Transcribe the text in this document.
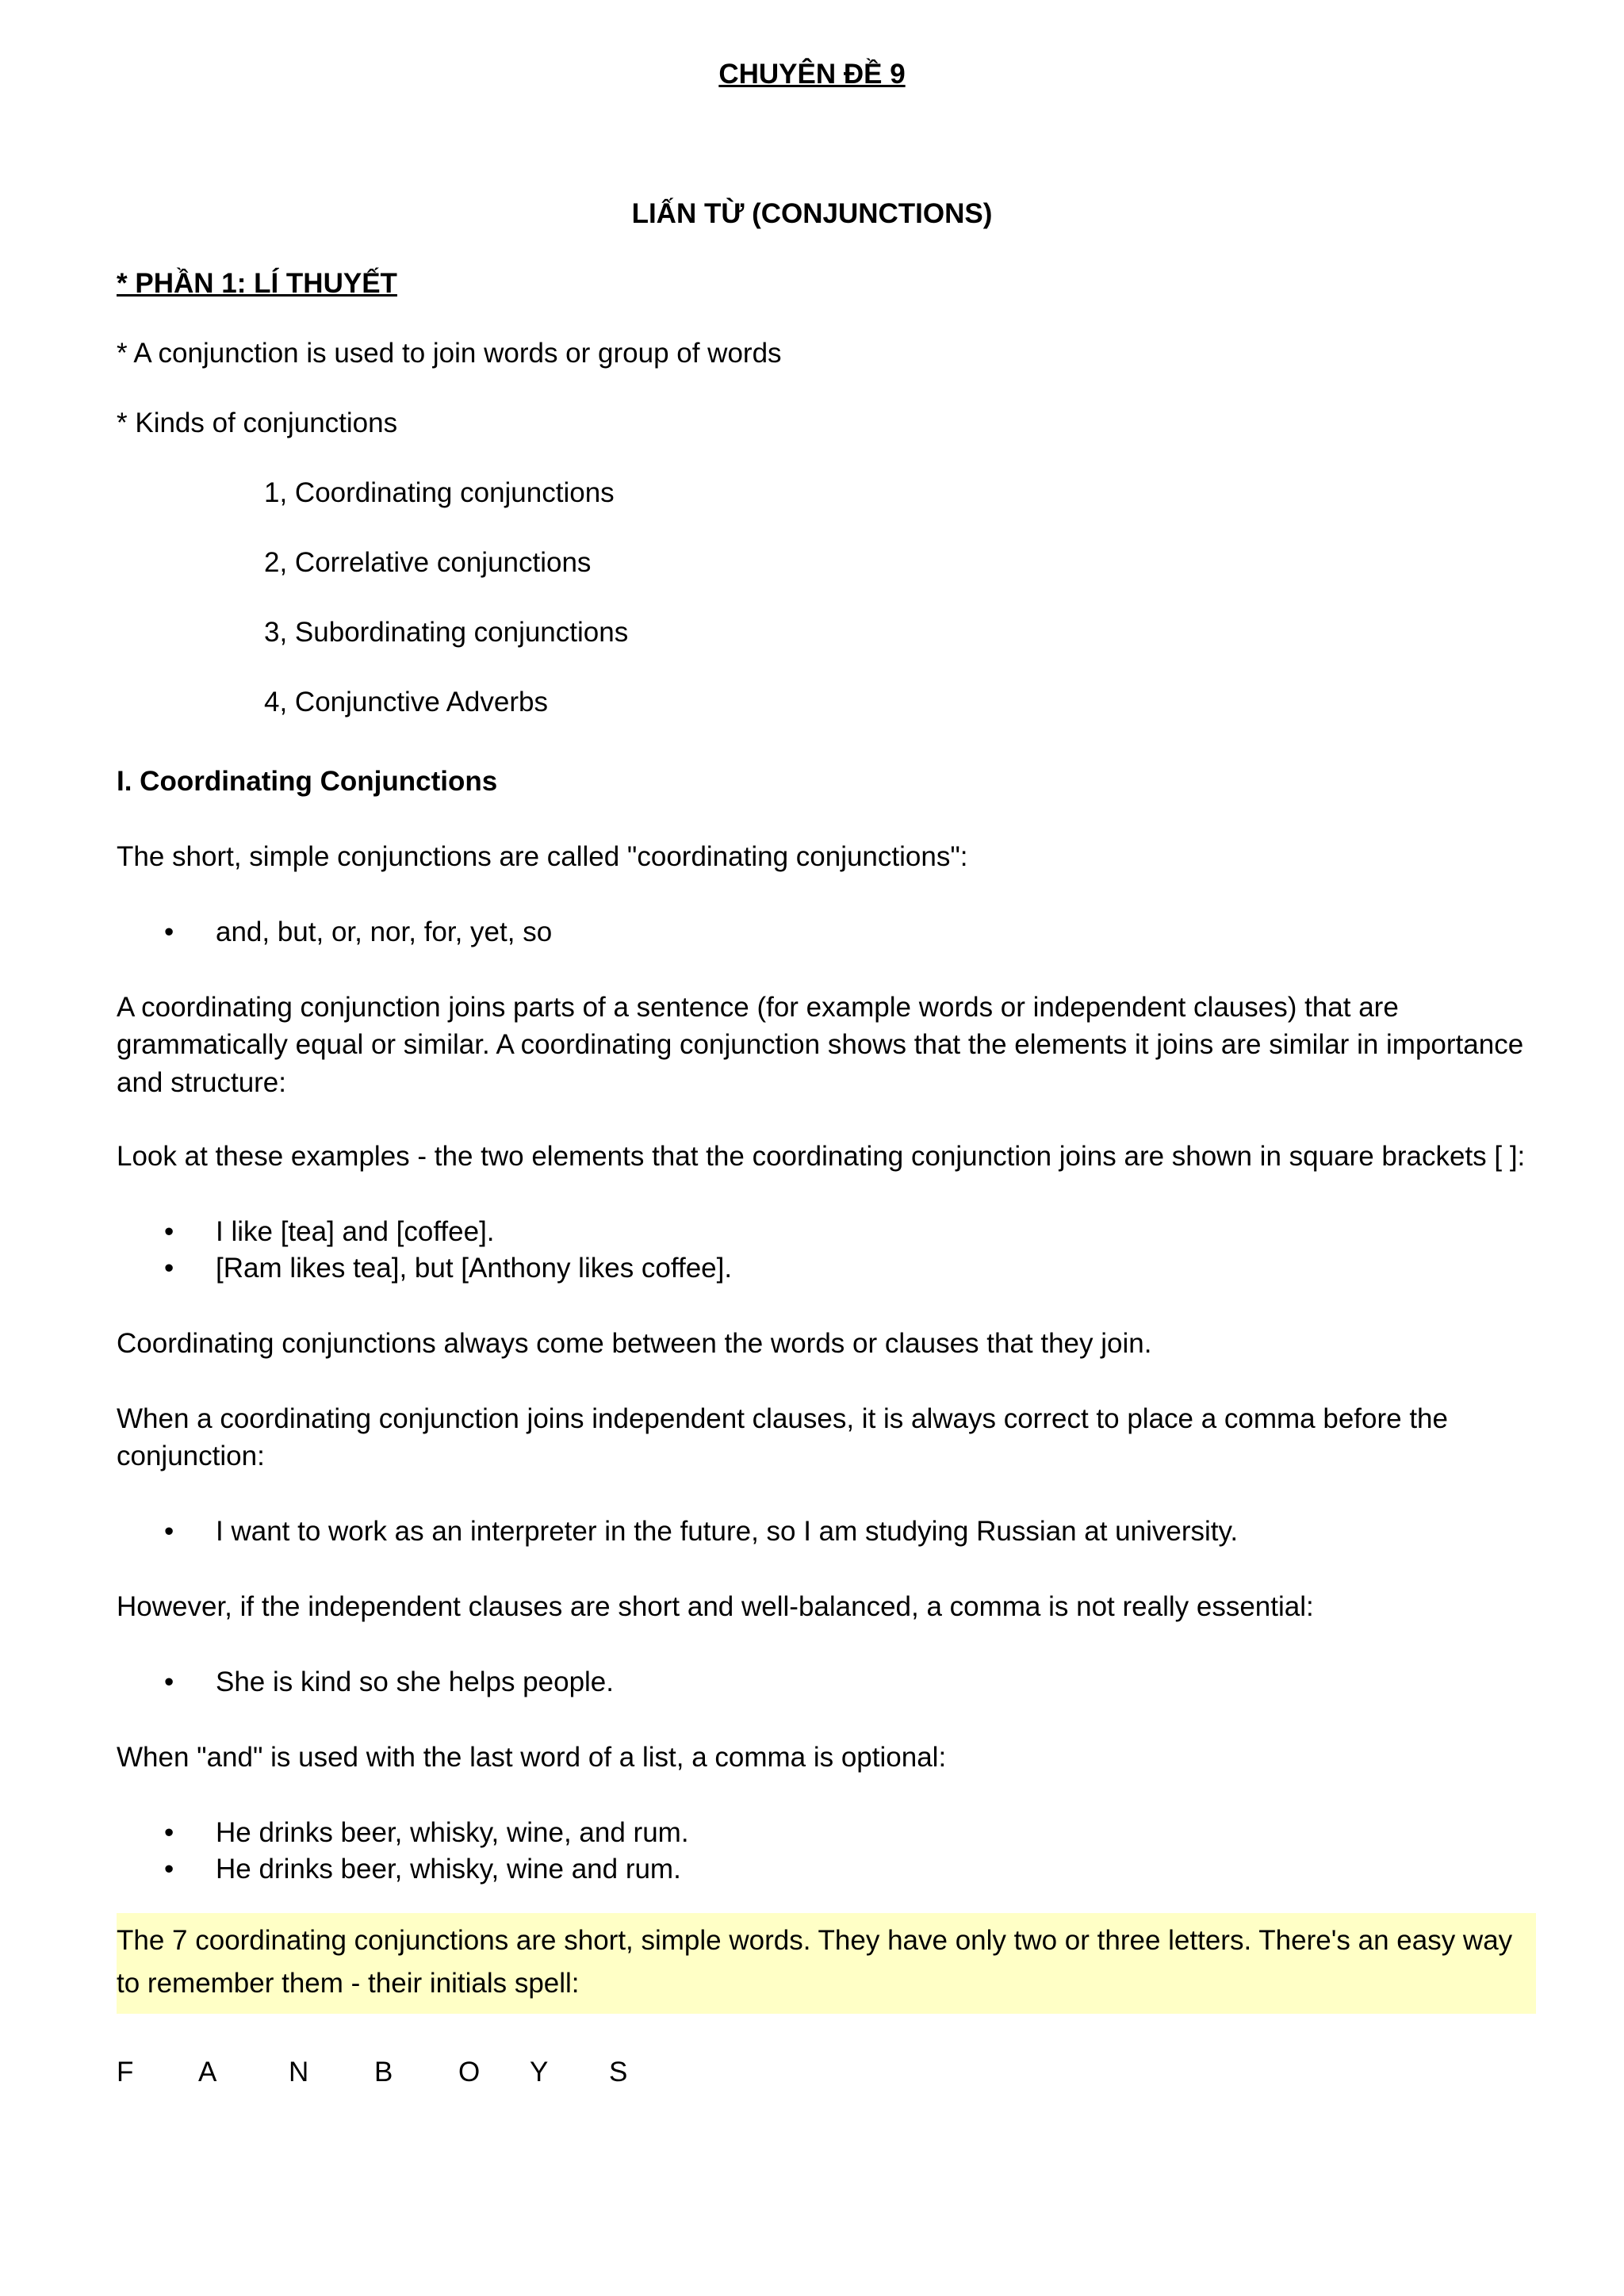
CHUYÊN ĐỀ 9
LIẤN TỪ (CONJUNCTIONS)
* PHẦN 1: LÍ THUYẾT
* A conjunction is used to join words or group of words
* Kinds of conjunctions
1, Coordinating conjunctions
2, Correlative conjunctions
3, Subordinating conjunctions
4, Conjunctive Adverbs
I. Coordinating Conjunctions
The short, simple conjunctions are called "coordinating conjunctions":
• and, but, or, nor, for, yet, so
A coordinating conjunction joins parts of a sentence (for example words or independent clauses) that are grammatically equal or similar. A coordinating conjunction shows that the elements it joins are similar in importance and structure:
Look at these examples - the two elements that the coordinating conjunction joins are shown in square brackets [ ]:
• I like [tea] and [coffee].
• [Ram likes tea], but [Anthony likes coffee].
Coordinating conjunctions always come between the words or clauses that they join.
When a coordinating conjunction joins independent clauses, it is always correct to place a comma before the conjunction:
• I want to work as an interpreter in the future, so I am studying Russian at university.
However, if the independent clauses are short and well-balanced, a comma is not really essential:
• She is kind so she helps people.
When "and" is used with the last word of a list, a comma is optional:
• He drinks beer, whisky, wine, and rum.
• He drinks beer, whisky, wine and rum.
The 7 coordinating conjunctions are short, simple words. They have only two or three letters. There's an easy way to remember them - their initials spell:
F A	N B O Y S
